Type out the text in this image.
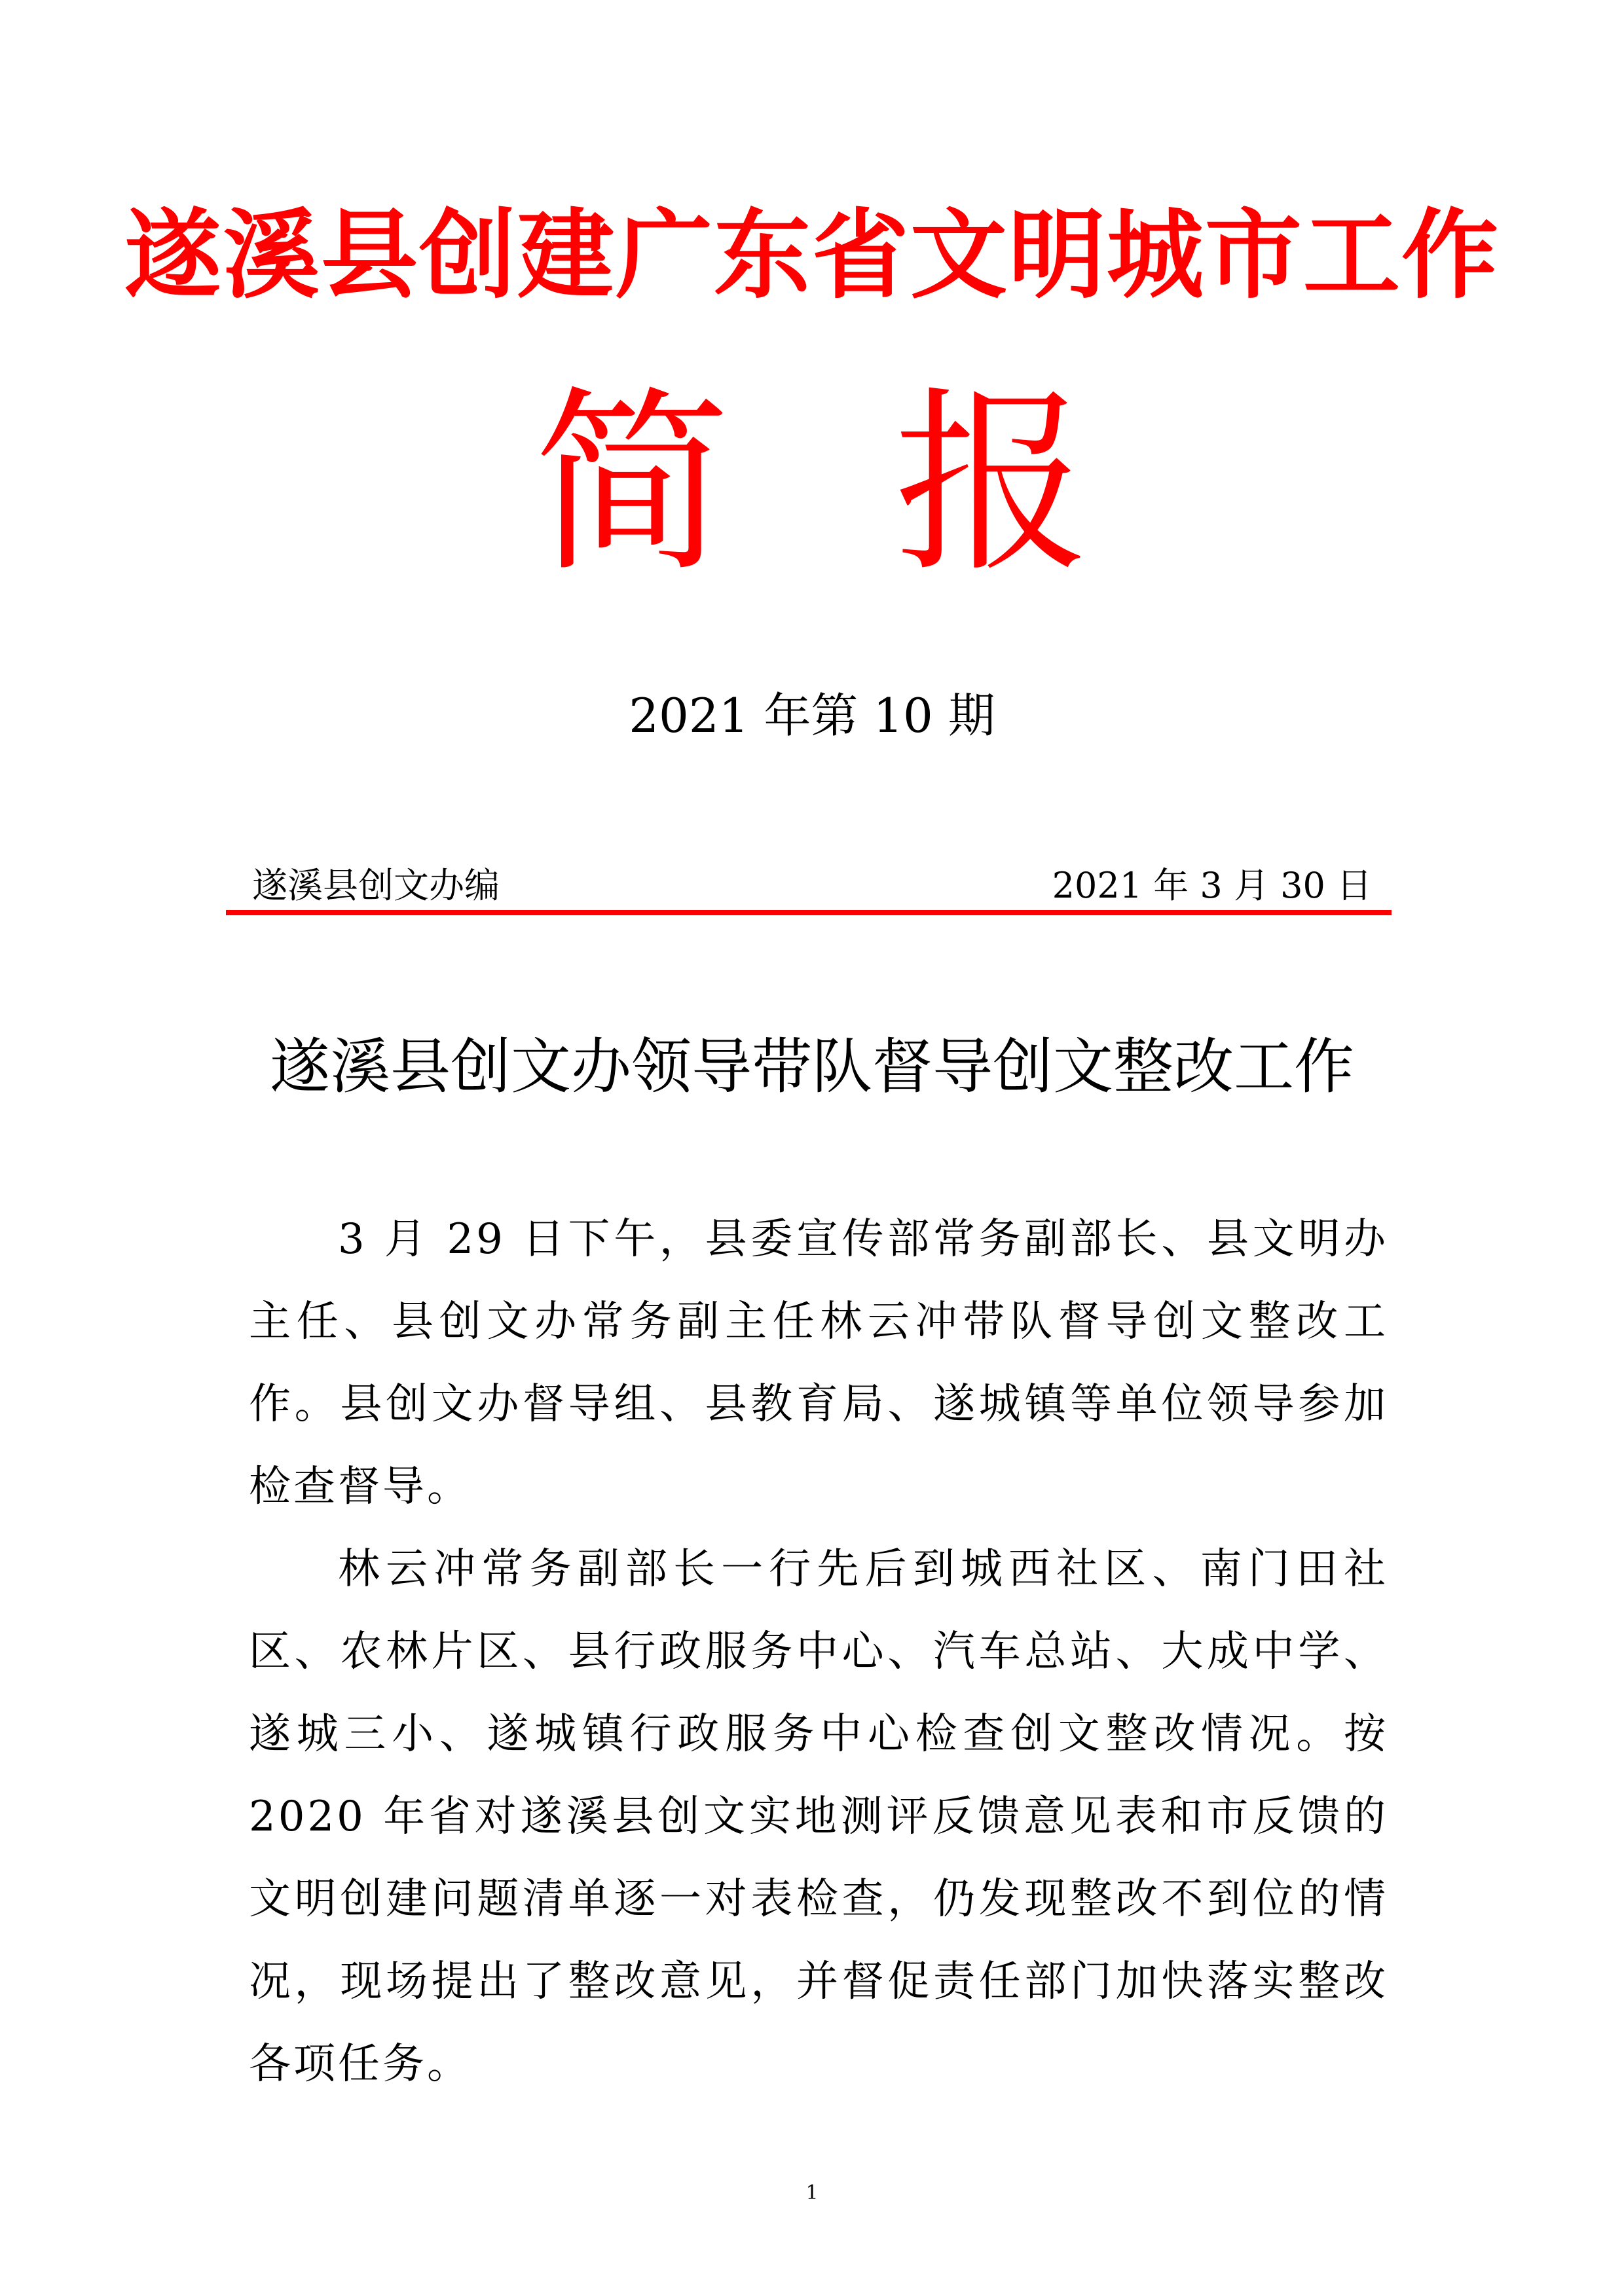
遂溪县创建广东省文明城市工作
简报
2021 年第 10 期
遂溪县创文办编	2021 年 3 月 30 日
遂溪县创文办领导带队督导创文整改工作

3 月 29 日下午，县委宣传部常务副部长、县文明办主任、县创文办常务副主任林云冲带队督导创文整改工作。县创文办督导组、县教育局、遂城镇等单位领导参加检查督导。

林云冲常务副部长一行先后到城西社区、南门田社区、农林片区、县行政服务中心、汽车总站、大成中学、遂城三小、遂城镇行政服务中心检查创文整改情况。按 2020 年省对遂溪县创文实地测评反馈意见表和市反馈的文明创建问题清单逐一对表检查，仍发现整改不到位的情况，现场提出了整改意见，并督促责任部门加快落实整改各项任务。

1
